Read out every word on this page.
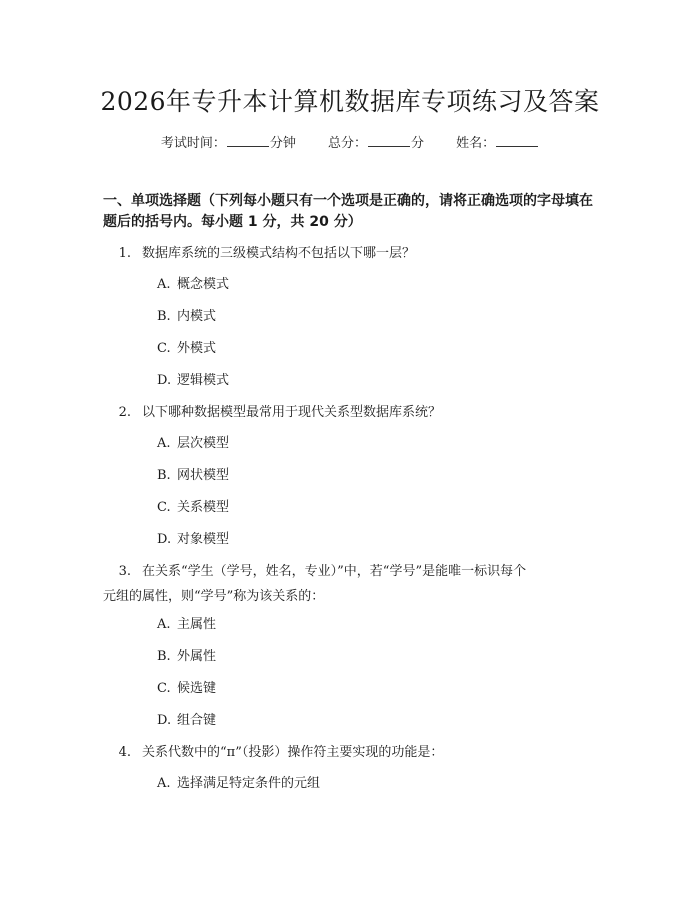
2026年专升本计算机数据库专项练习及答案
考试时间：	分钟 总分：	分 姓名：
一、单项选择题（下列每小题只有一个选项是正确的，请将正确选项的字母填在
题后的括号内。每小题 1 分，共 20 分）
1. 数据库系统的三级模式结构不包括以下哪一层？
A. 概念模式
B. 内模式
C. 外模式
D. 逻辑模式
2. 以下哪种数据模型最常用于现代关系型数据库系统？
A. 层次模型
B. 网状模型
C. 关系模型
D. 对象模型
3. 在关系“学生（学号，姓名，专业）”中，若“学号”是能唯一标识每个
元组的属性，则“学号”称为该关系的：
A. 主属性
B. 外属性
C. 候选键
D. 组合键
4. 关系代数中的“π”（投影）操作符主要实现的功能是：
A. 选择满足特定条件的元组
